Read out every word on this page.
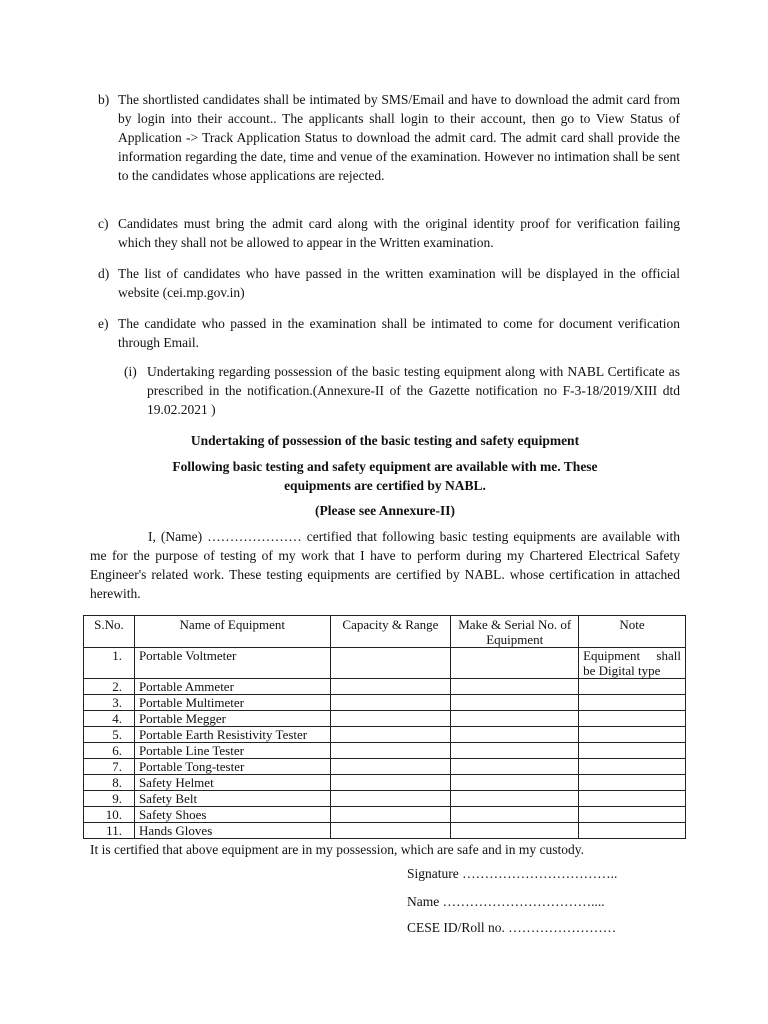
b) The shortlisted candidates shall be intimated by SMS/Email and have to download the admit card from by login into their account.. The applicants shall login to their account, then go to View Status of Application -> Track Application Status to download the admit card. The admit card shall provide the information regarding the date, time and venue of the examination. However no intimation shall be sent to the candidates whose applications are rejected.
c) Candidates must bring the admit card along with the original identity proof for verification failing which they shall not be allowed to appear in the Written examination.
d) The list of candidates who have passed in the written examination will be displayed in the official website (cei.mp.gov.in)
e) The candidate who passed in the examination shall be intimated to come for document verification through Email.
(i) Undertaking regarding possession of the basic testing equipment along with NABL Certificate as prescribed in the notification.(Annexure-II of the Gazette notification no F-3-18/2019/XIII dtd 19.02.2021 )
Undertaking of possession of the basic testing and safety equipment
Following basic testing and safety equipment are available with me. These equipments are certified by NABL.
(Please see Annexure-II)
I, (Name) ………………… certified that following basic testing equipments are available with me for the purpose of testing of my work that I have to perform during my Chartered Electrical Safety Engineer's related work. These testing equipments are certified by NABL. whose certification in attached herewith.
S.No.	Name of Equipment	Capacity & Range	Make & Serial No. of Equipment	Note
1.	Portable Voltmeter			Equipment shall be Digital type
2.	Portable Ammeter			
3.	Portable Multimeter			
4.	Portable Megger			
5.	Portable Earth Resistivity Tester			
6.	Portable Line Tester			
7.	Portable Tong-tester			
8.	Safety Helmet			
9.	Safety Belt			
10.	Safety Shoes			
11.	Hands Gloves			
It is certified that above equipment are in my possession, which are safe and in my custody.
Signature ……………………………..
Name ……………………………....
CESE ID/Roll no. ……………………
